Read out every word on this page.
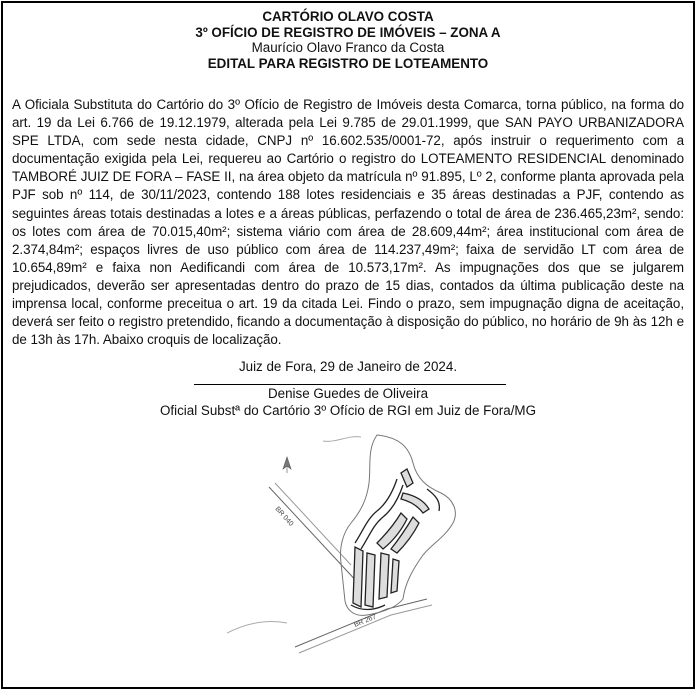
CARTÓRIO OLAVO COSTA
3º OFÍCIO DE REGISTRO DE IMÓVEIS – ZONA A
Maurício Olavo Franco da Costa
EDITAL PARA REGISTRO DE LOTEAMENTO
A Oficiala Substituta do Cartório do 3º Ofício de Registro de Imóveis desta Comarca, torna público, na forma do art. 19 da Lei 6.766 de 19.12.1979, alterada pela Lei 9.785 de 29.01.1999, que SAN PAYO URBANIZADORA SPE LTDA, com sede nesta cidade, CNPJ nº 16.602.535/0001-72, após instruir o requerimento com a documentação exigida pela Lei, requereu ao Cartório o registro do LOTEAMENTO RESIDENCIAL denominado TAMBORÉ JUIZ DE FORA – FASE II, na área objeto da matrícula nº 91.895, Lº 2, conforme planta aprovada pela PJF sob nº 114, de 30/11/2023, contendo 188 lotes residenciais e 35 áreas destinadas a PJF, contendo as seguintes áreas totais destinadas a lotes e a áreas públicas, perfazendo o total de área de 236.465,23m², sendo: os lotes com área de 70.015,40m²; sistema viário com área de 28.609,44m²; área institucional com área de 2.374,84m²; espaços livres de uso público com área de 114.237,49m²; faixa de servidão LT com área de 10.654,89m² e faixa non Aedificandi com área de 10.573,17m². As impugnações dos que se julgarem prejudicados, deverão ser apresentadas dentro do prazo de 15 dias, contados da última publicação deste na imprensa local, conforme preceitua o art. 19 da citada Lei. Findo o prazo, sem impugnação digna de aceitação, deverá ser feito o registro pretendido, ficando a documentação à disposição do público, no horário de 9h às 12h e de 13h às 17h. Abaixo croquis de localização.
Juiz de Fora, 29 de Janeiro de 2024.
Denise Guedes de Oliveira
Oficial Substª do Cartório 3º Ofício de RGI em Juiz de Fora/MG
BR 040
BR 267
